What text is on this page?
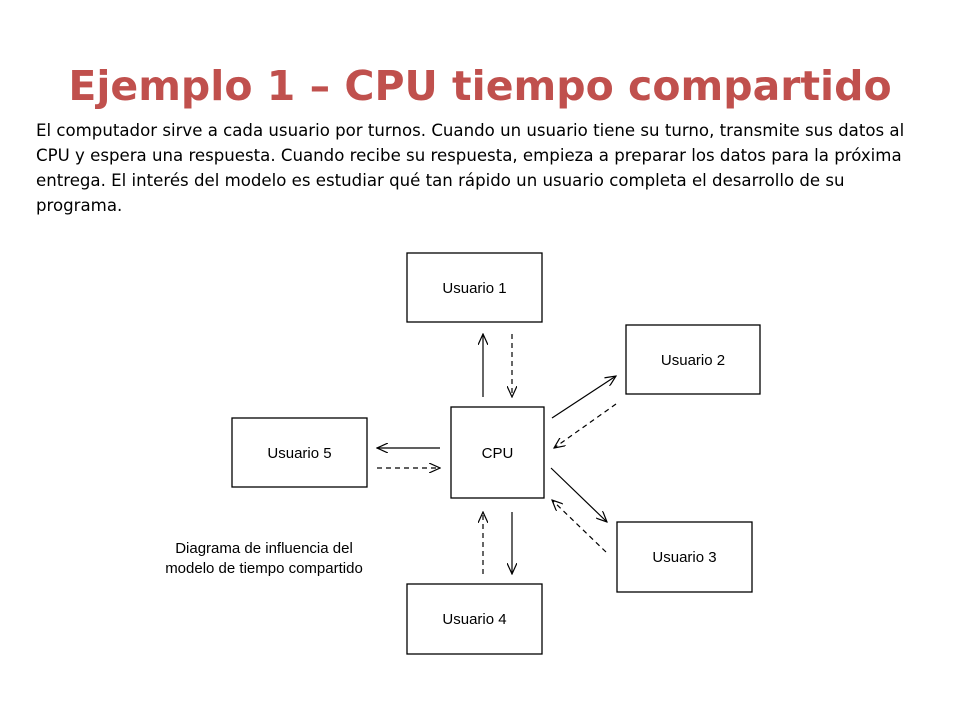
Ejemplo 1 – CPU tiempo compartido

El computador sirve a cada usuario por turnos. Cuando un usuario tiene su turno, transmite sus datos al CPU y espera una respuesta. Cuando recibe su respuesta, empieza a preparar los datos para la próxima entrega. El interés del modelo es estudiar qué tan rápido un usuario completa el desarrollo de su programa.

Usuario 1
Usuario 2
Usuario 3
Usuario 4
Usuario 5	CPU
Diagrama de influencia del
modelo de tiempo compartido
